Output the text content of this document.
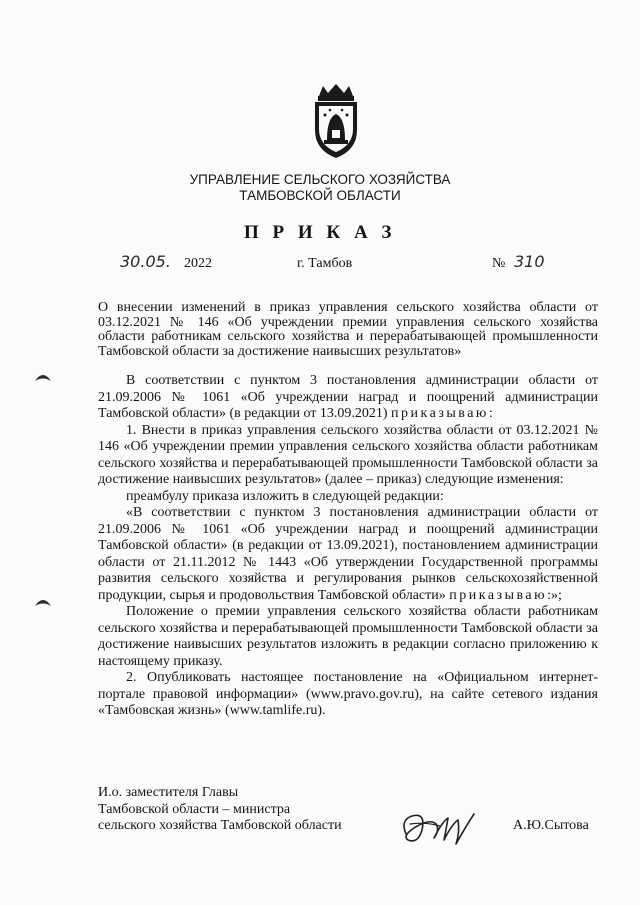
УПРАВЛЕНИЕ СЕЛЬСКОГО ХОЗЯЙСТВА
ТАМБОВСКОЙ ОБЛАСТИ
П Р И К А З
30.05. 2022	г. Тамбов	№ 310
О внесении изменений в приказ управления сельского хозяйства области от 03.12.2021 № 146 «Об учреждении премии управления сельского хозяйства области работникам сельского хозяйства и перерабатывающей промышленности Тамбовской области за достижение наивысших результатов»

В соответствии с пунктом 3 постановления администрации области от 21.09.2006 № 1061 «Об учреждении наград и поощрений администрации Тамбовской области» (в редакции от 13.09.2021) приказываю:

1. Внести в приказ управления сельского хозяйства области от 03.12.2021 № 146 «Об учреждении премии управления сельского хозяйства области работникам сельского хозяйства и перерабатывающей промышленности Тамбовской области за достижение наивысших результатов» (далее – приказ) следующие изменения:

преамбулу приказа изложить в следующей редакции:

«В соответствии с пунктом 3 постановления администрации области от 21.09.2006 № 1061 «Об учреждении наград и поощрений администрации Тамбовской области» (в редакции от 13.09.2021), постановлением администрации области от 21.11.2012 № 1443 «Об утверждении Государственной программы развития сельского хозяйства и регулирования рынков сельскохозяйственной продукции, сырья и продовольствия Тамбовской области» приказываю:»;

Положение о премии управления сельского хозяйства области работникам сельского хозяйства и перерабатывающей промышленности Тамбовской области за достижение наивысших результатов изложить в редакции согласно приложению к настоящему приказу.

2. Опубликовать настоящее постановление на «Официальном интернет-портале правовой информации» (www.pravo.gov.ru), на сайте сетевого издания «Тамбовская жизнь» (www.tamlife.ru).

И.о. заместителя Главы
Тамбовской области – министра
сельского хозяйства Тамбовской области	А.Ю.Сытова
